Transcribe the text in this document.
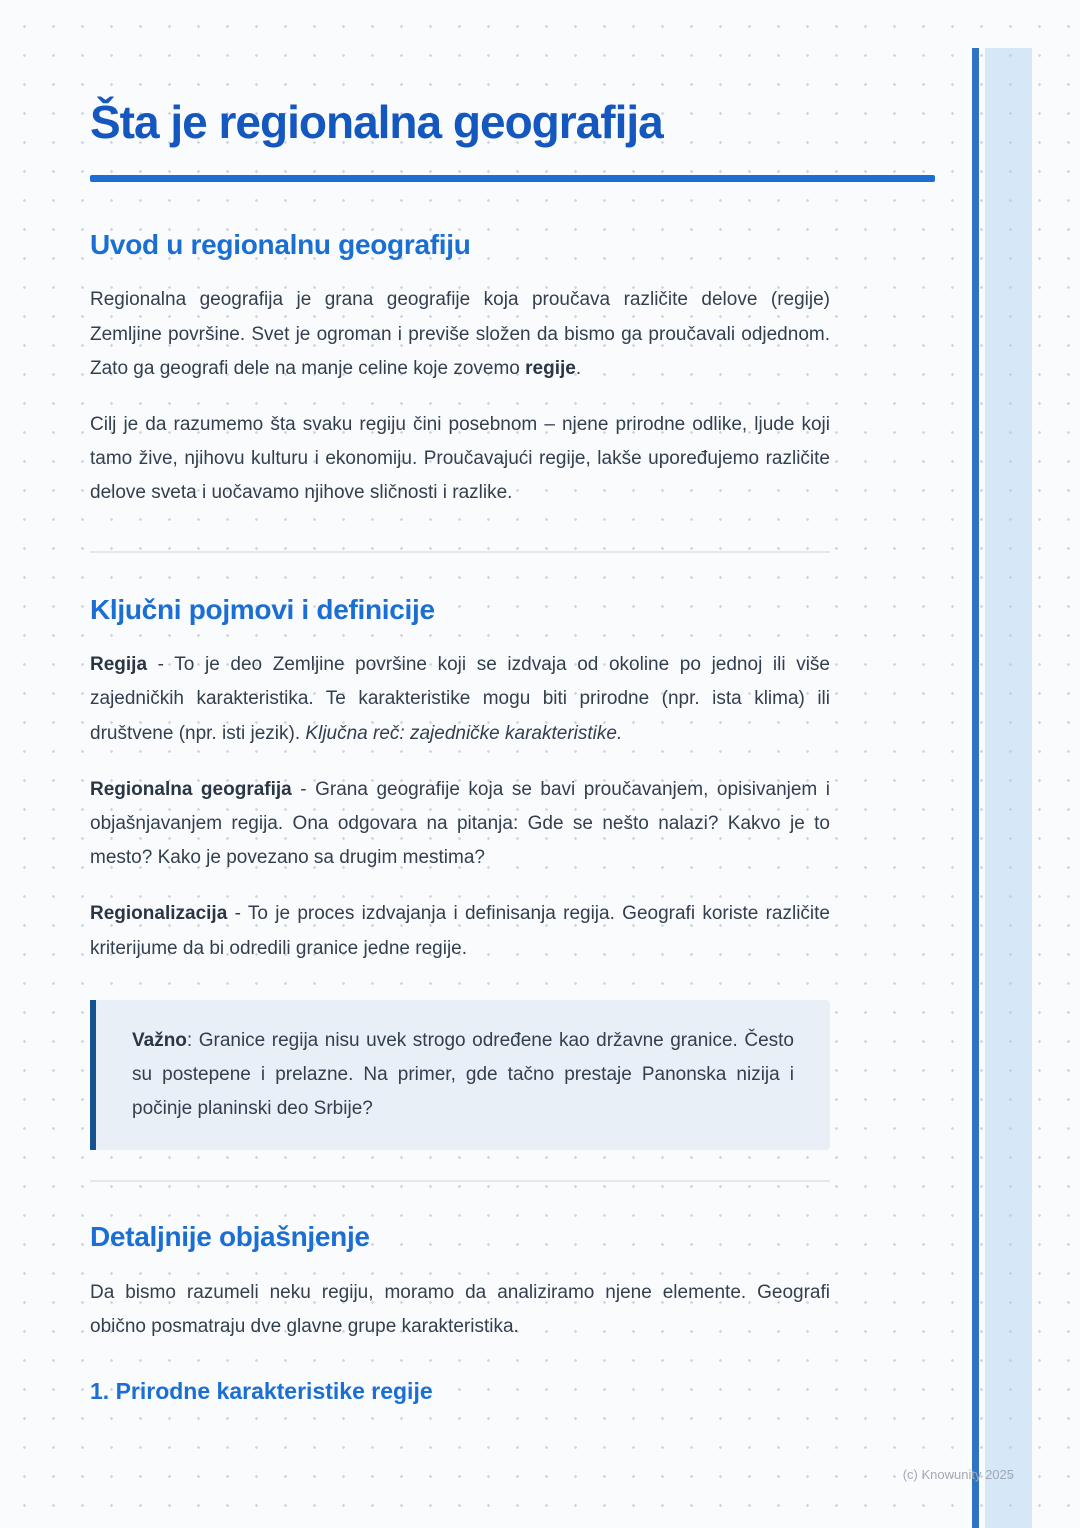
Šta je regionalna geografija
Uvod u regionalnu geografiju

Regionalna geografija je grana geografije koja proučava različite delove (regije) Zemljine površine. Svet je ogroman i previše složen da bismo ga proučavali odjednom. Zato ga geografi dele na manje celine koje zovemo regije.

Cilj je da razumemo šta svaku regiju čini posebnom – njene prirodne odlike, ljude koji tamo žive, njihovu kulturu i ekonomiju. Proučavajući regije, lakše upoređujemo različite delove sveta i uočavamo njihove sličnosti i razlike.

Ključni pojmovi i definicije

Regija - To je deo Zemljine površine koji se izdvaja od okoline po jednoj ili više zajedničkih karakteristika. Te karakteristike mogu biti prirodne (npr. ista klima) ili društvene (npr. isti jezik). Ključna reč: zajedničke karakteristike.

Regionalna geografija - Grana geografije koja se bavi proučavanjem, opisivanjem i objašnjavanjem regija. Ona odgovara na pitanja: Gde se nešto nalazi? Kakvo je to mesto? Kako je povezano sa drugim mestima?

Regionalizacija - To je proces izdvajanja i definisanja regija. Geografi koriste različite kriterijume da bi odredili granice jedne regije.

Važno: Granice regija nisu uvek strogo određene kao državne granice. Često su postepene i prelazne. Na primer, gde tačno prestaje Panonska nizija i počinje planinski deo Srbije?

Detaljnije objašnjenje

Da bismo razumeli neku regiju, moramo da analiziramo njene elemente. Geografi obično posmatraju dve glavne grupe karakteristika.

1. Prirodne karakteristike regije
(c) Knowunity 2025
